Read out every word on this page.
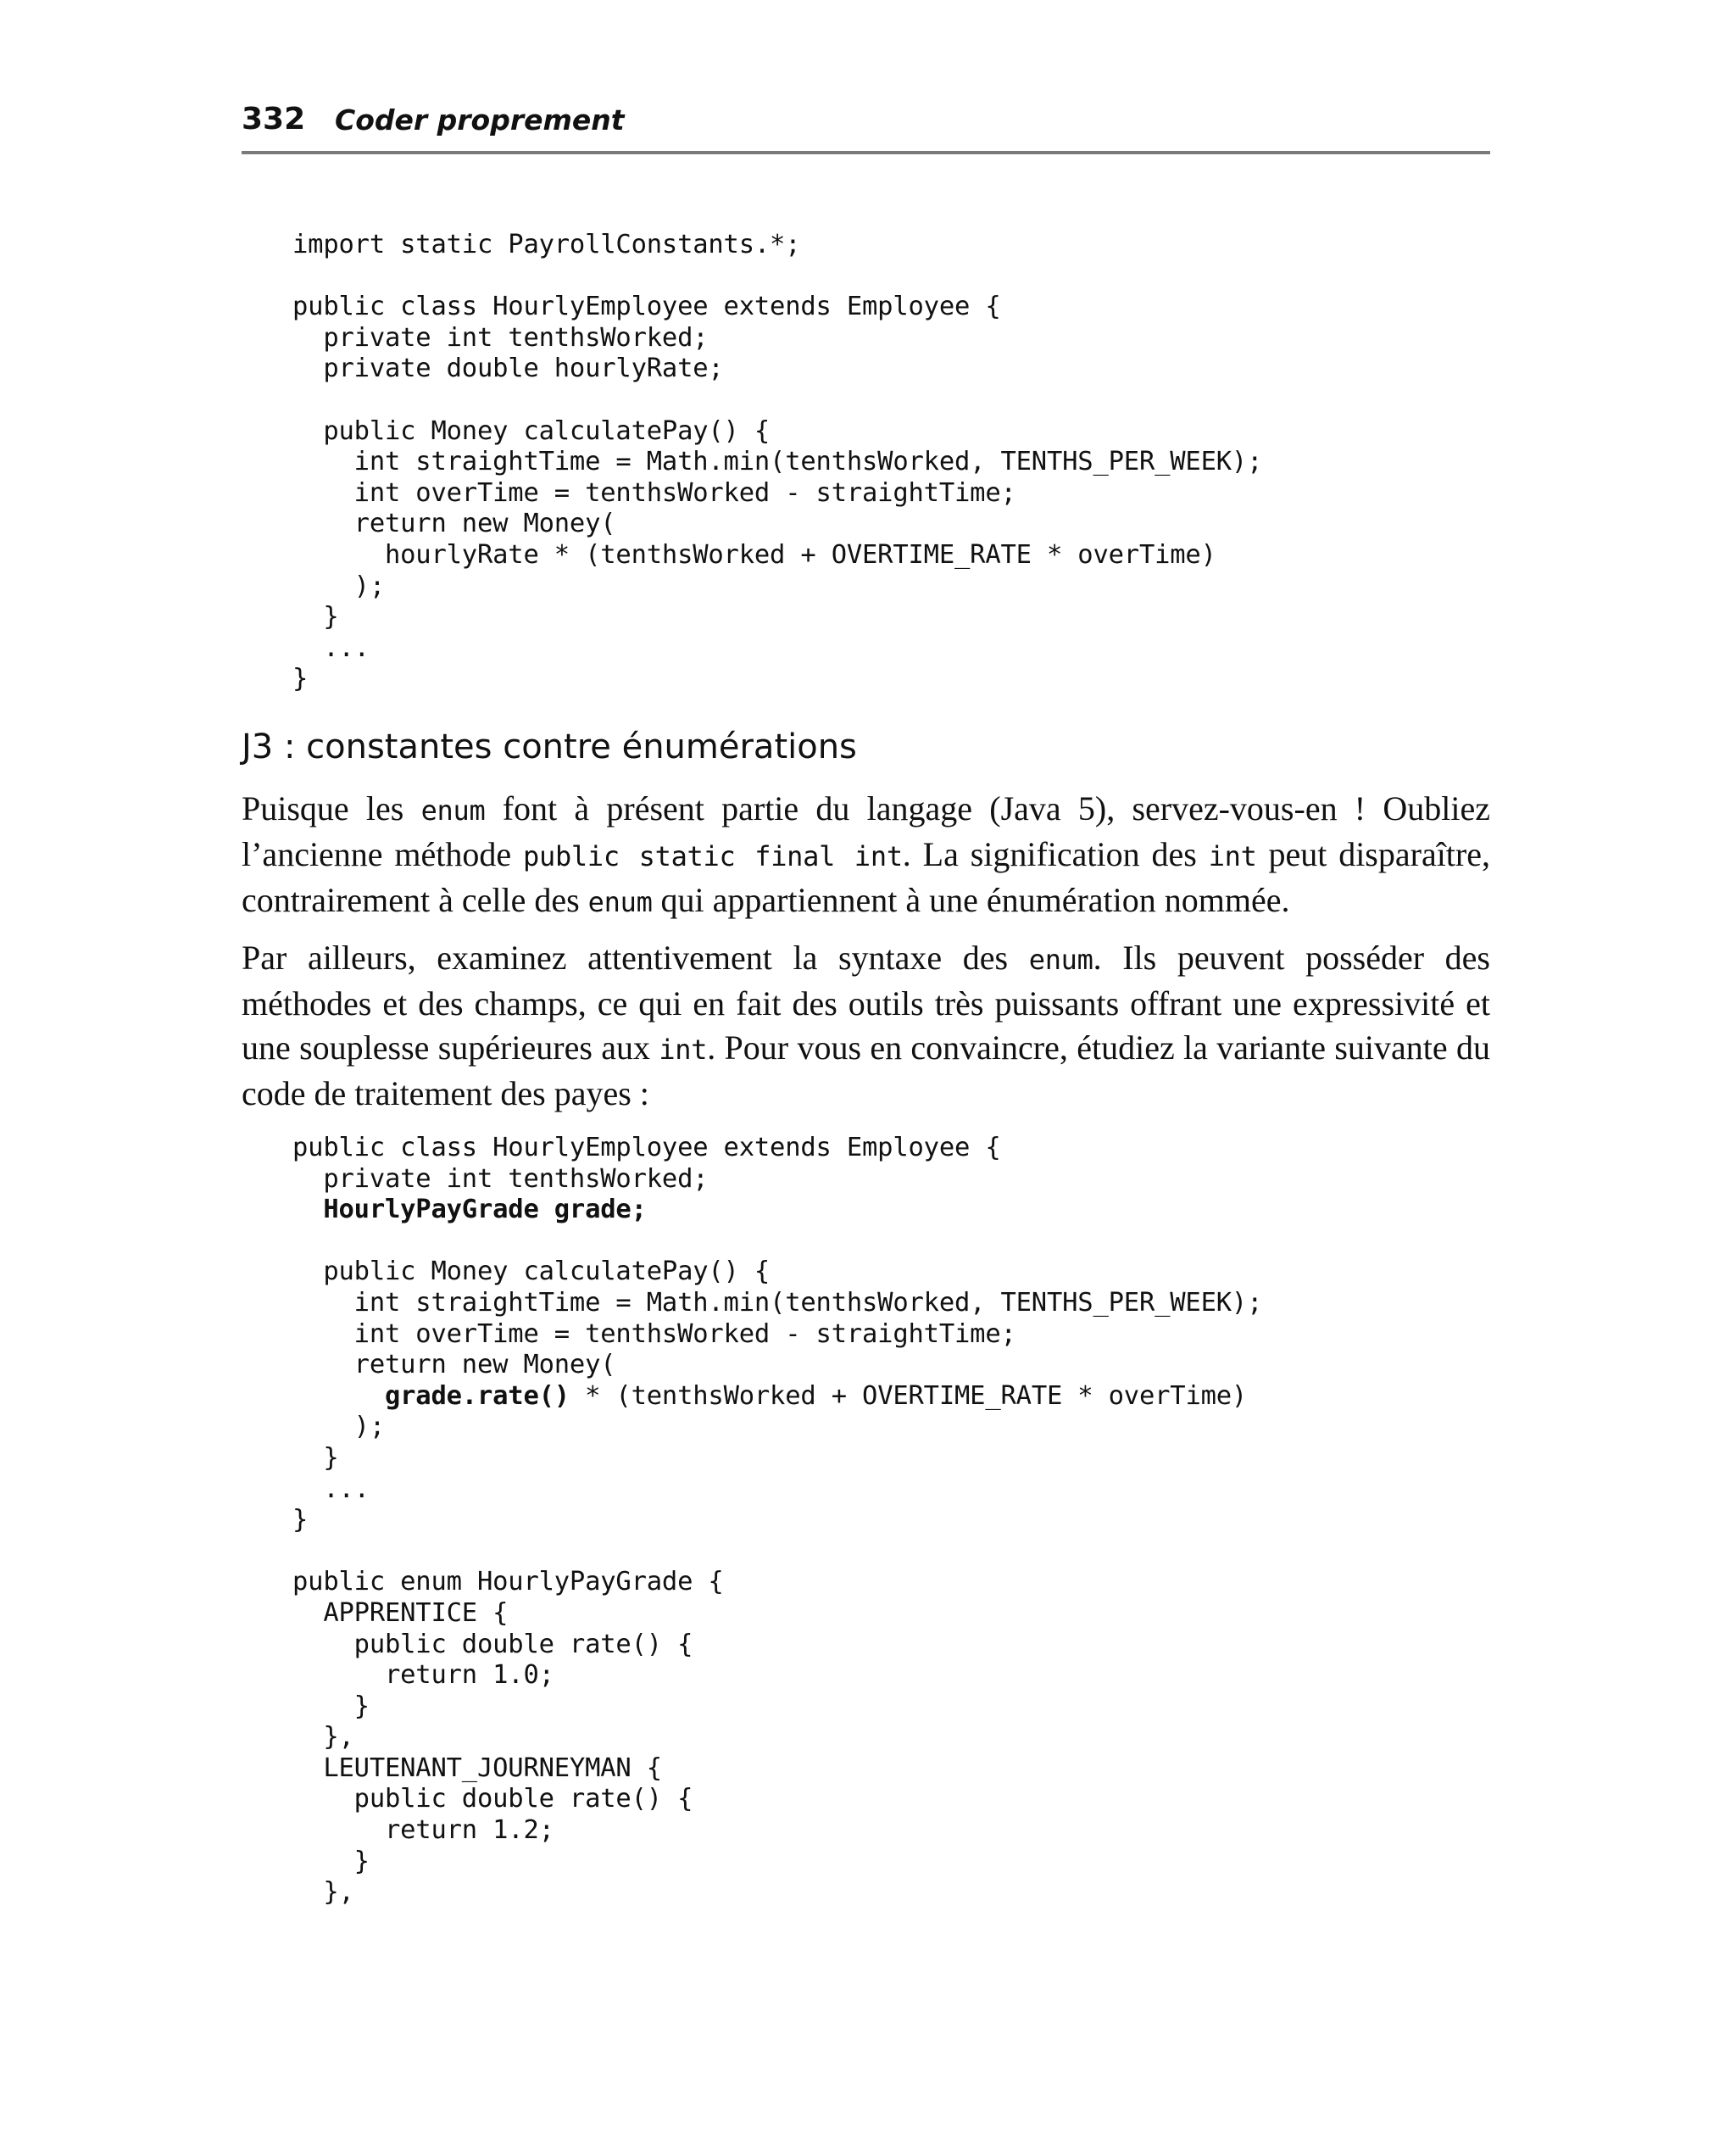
332 Coder proprement
import static PayrollConstants.*;
public class HourlyEmployee extends Employee {
private int tenthsWorked;
private double hourlyRate;
public Money calculatePay() {
int straightTime = Math.min(tenthsWorked, TENTHS_PER_WEEK);
int overTime = tenthsWorked - straightTime;
return new Money(
hourlyRate * (tenthsWorked + OVERTIME_RATE * overTime)
);
}
...
}
J3 : constantes contre énumérations

Puisque les enum font à présent partie du langage (Java 5), servez-vous-en ! Oubliez l’ancienne méthode public static final int. La signification des int peut disparaître, contrairement à celle des enum qui appartiennent à une énumération nommée.

Par ailleurs, examinez attentivement la syntaxe des enum. Ils peuvent posséder des méthodes et des champs, ce qui en fait des outils très puissants offrant une expressivité et une souplesse supérieures aux int. Pour vous en convaincre, étudiez la variante suivante du code de traitement des payes :

public class HourlyEmployee extends Employee {
private int tenthsWorked;
HourlyPayGrade grade;
public Money calculatePay() {
int straightTime = Math.min(tenthsWorked, TENTHS_PER_WEEK);
int overTime = tenthsWorked - straightTime;
return new Money(
grade.rate() * (tenthsWorked + OVERTIME_RATE * overTime)
);
}
...
}
public enum HourlyPayGrade {
APPRENTICE {
public double rate() {
return 1.0;
}
},
LEUTENANT_JOURNEYMAN {
public double rate() {
return 1.2;
}
},
